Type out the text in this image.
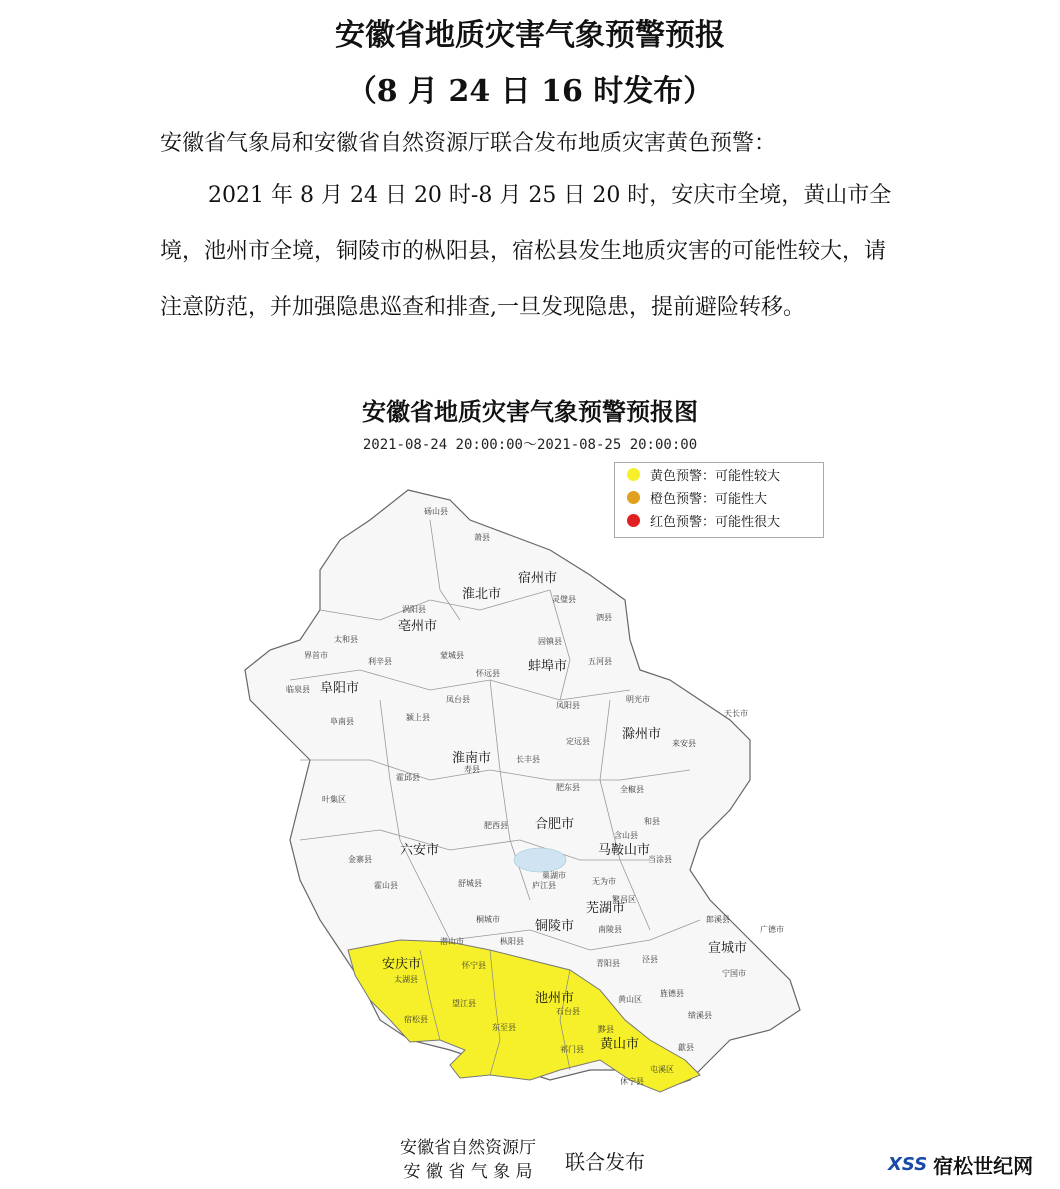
安徽省地质灾害气象预警预报
（8 月 24 日 16 时发布）
安徽省气象局和安徽省自然资源厅联合发布地质灾害黄色预警：
2021 年 8 月 24 日 20 时-8 月 25 日 20 时，安庆市全境，黄山市全境，池州市全境，铜陵市的枞阳县，宿松县发生地质灾害的可能性较大，请注意防范，并加强隐患巡查和排查,一旦发现隐患，提前避险转移。
安徽省地质灾害气象预警预报图
2021-08-24 20:00:00～2021-08-25 20:00:00
宿州市
淮北市
亳州市
阜阳市
蚌埠市
淮南市
滁州市
合肥市
六安市	马鞍山市
芜湖市
铜陵市
宣城市
安庆市
池州市
黄山市
砀山县
萧县
灵璧县
泗县
涡阳县
蒙城县
利辛县
太和县
界首市
临泉县
阜南县	颍上县
凤台县
寿县
霍邱县
金寨县
霍山县	舒城县	庐江县	无为市
枞阳县
桐城市
潜山市
怀宁县
太湖县
宿松县
望江县
东至县
石台县
青阳县
祁门县
黟县
休宁县
歙县
绩溪县
旌德县
泾县
宁国市
郎溪县
广德市
天长市
来安县
全椒县
定远县
凤阳县
明光市
五河县
固镇县
怀远县
含山县
和县
当涂县
繁昌区
南陵县
长丰县
肥东县
肥西县
巢湖市
屯溪区
黄山区
叶集区
黄色预警：可能性较大
橙色预警：可能性大
红色预警：可能性很大
安徽省自然资源厅
安 徽 省 气 象 局	联合发布	XSS 宿松世纪网
